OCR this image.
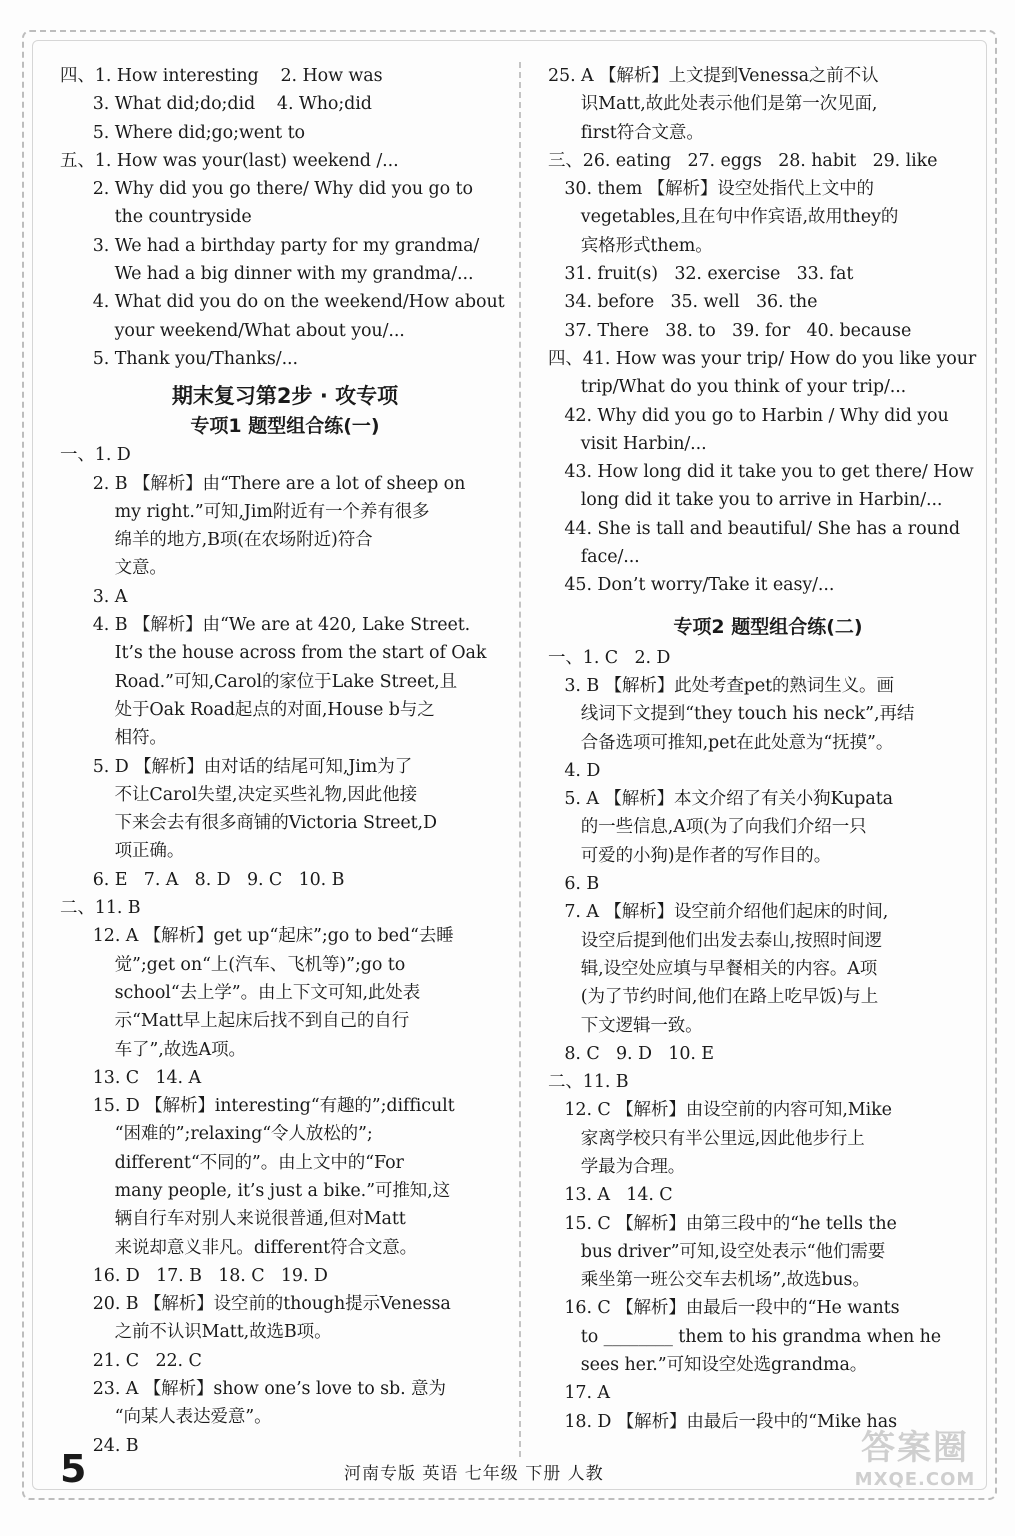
四、1. How interesting    2. How was
3. What did;do;did    4. Who;did
5. Where did;go;went to
五、1. How was your(last) weekend /...
2. Why did you go there/ Why did you go to
the countryside
3. We had a birthday party for my grandma/
We had a big dinner with my grandma/...
4. What did you do on the weekend/How about
your weekend/What about you/...
5. Thank you/Thanks/...
期末复习第2步 · 攻专项
专项1 题型组合练(一)
一、1. D
2. B 【解析】由“There are a lot of sheep on
my right.”可知,Jim附近有一个养有很多
绵羊的地方,B项(在农场附近)符合
文意。
3. A
4. B 【解析】由“We are at 420, Lake Street.
It’s the house across from the start of Oak
Road.”可知,Carol的家位于Lake Street,且
处于Oak Road起点的对面,House b与之
相符。
5. D 【解析】由对话的结尾可知,Jim为了
不让Carol失望,决定买些礼物,因此他接
下来会去有很多商铺的Victoria Street,D
项正确。
6. E   7. A   8. D   9. C   10. B
二、11. B
12. A 【解析】get up“起床”;go to bed“去睡
觉”;get on“上(汽车、飞机等)”;go to
school“去上学”。由上下文可知,此处表
示“Matt早上起床后找不到自己的自行
车了”,故选A项。
13. C   14. A
15. D 【解析】interesting“有趣的”;difficult
“困难的”;relaxing“令人放松的”;
different“不同的”。由上文中的“For
many people, it’s just a bike.”可推知,这
辆自行车对别人来说很普通,但对Matt
来说却意义非凡。different符合文意。
16. D   17. B   18. C   19. D
20. B 【解析】设空前的though提示Venessa
之前不认识Matt,故选B项。
21. C   22. C
23. A 【解析】show one’s love to sb. 意为
“向某人表达爱意”。
24. B
25. A 【解析】上文提到Venessa之前不认
识Matt,故此处表示他们是第一次见面,
first符合文意。
三、26. eating   27. eggs   28. habit   29. like
30. them 【解析】设空处指代上文中的
vegetables,且在句中作宾语,故用they的
宾格形式them。
31. fruit(s)   32. exercise   33. fat
34. before   35. well   36. the
37. There   38. to   39. for   40. because
四、41. How was your trip/ How do you like your
trip/What do you think of your trip/...
42. Why did you go to Harbin / Why did you
visit Harbin/...
43. How long did it take you to get there/ How
long did it take you to arrive in Harbin/...
44. She is tall and beautiful/ She has a round
face/...
45. Don’t worry/Take it easy/...
专项2 题型组合练(二)
一、1. C   2. D
3. B 【解析】此处考查pet的熟词生义。画
线词下文提到“they touch his neck”,再结
合备选项可推知,pet在此处意为“抚摸”。
4. D
5. A 【解析】本文介绍了有关小狗Kupata
的一些信息,A项(为了向我们介绍一只
可爱的小狗)是作者的写作目的。
6. B
7. A 【解析】设空前介绍他们起床的时间,
设空后提到他们出发去泰山,按照时间逻
辑,设空处应填与早餐相关的内容。A项
(为了节约时间,他们在路上吃早饭)与上
下文逻辑一致。
8. C   9. D   10. E
二、11. B
12. C 【解析】由设空前的内容可知,Mike
家离学校只有半公里远,因此他步行上
学最为合理。
13. A   14. C
15. C 【解析】由第三段中的“he tells the
bus driver”可知,设空处表示“他们需要
乘坐第一班公交车去机场”,故选bus。
16. C 【解析】由最后一段中的“He wants
to ________ them to his grandma when he
sees her.”可知设空处选grandma。
17. A
18. D 【解析】由最后一段中的“Mike has
5	河南专版 英语 七年级 下册 人教
答案圈
MXQE.COM
